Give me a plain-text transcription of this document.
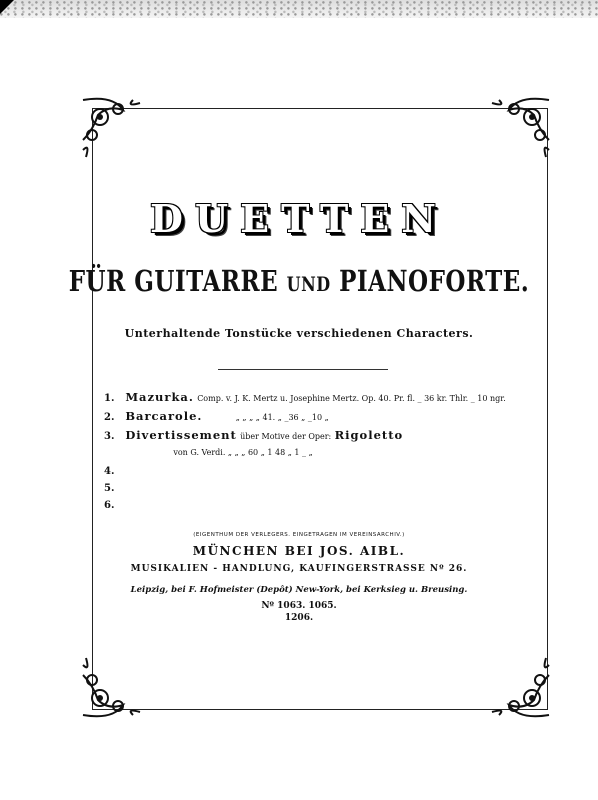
DUETTEN
FÜR GUITARRE UND PIANOFORTE.
Unterhaltende Tonstücke verschiedenen Characters.
1. Mazurka. Comp. v. J. K. Mertz u. Josephine Mertz. Op. 40. Pr. fl. _ 36 kr. Thlr. _ 10 ngr.
2. Barcarole.	„ „ „ „ 41. „ _36 „ _10 „
3. Divertissement über Motive der Oper: Rigoletto
von G. Verdi. „ „ „ 60 „ 1 48 „ 1 _ „
4.
5.
6.
(EIGENTHUM DER VERLEGERS. EINGETRAGEN IM VEREINSARCHIV.)
MÜNCHEN BEI JOS. AIBL.
MUSIKALIEN - HANDLUNG, KAUFINGERSTRASSE Nº 26.
Leipzig, bei F. Hofmeister (Depôt) New-York, bei Kerksieg u. Breusing.
Nº 1063. 1065.
1206.
